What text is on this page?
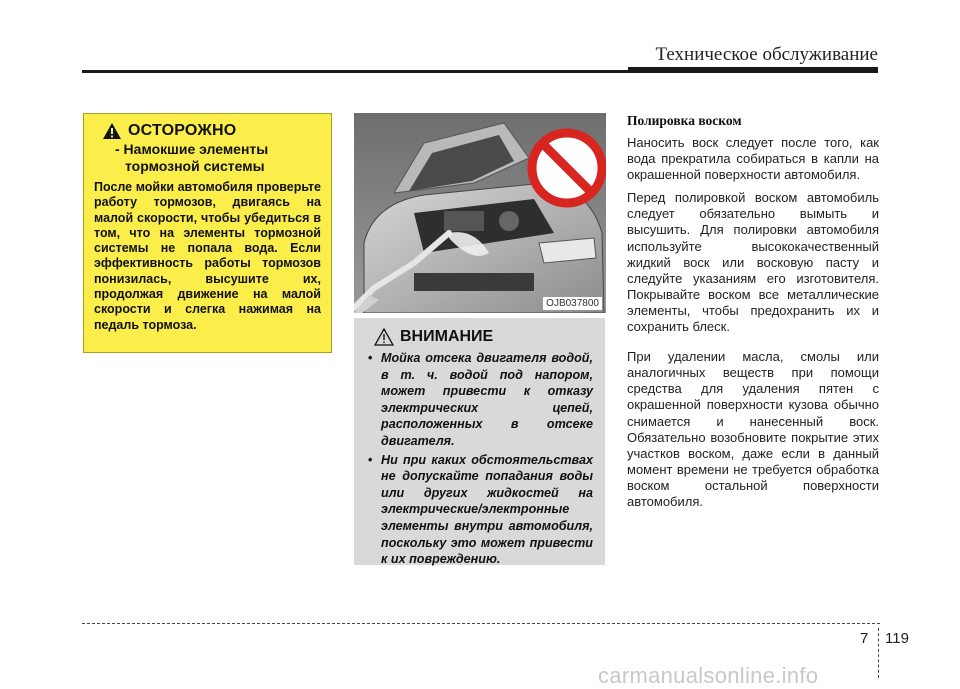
Техническое обслуживание
ОСТОРОЖНО
- Намокшие элементы тормозной системы
После мойки автомобиля проверьте работу тормозов, двигаясь на малой скорости, чтобы убедиться в том, что на элементы тормозной системы не попала вода. Если эффективность работы тормозов понизилась, высушите их, продолжая движение на малой скорости и слегка нажимая на педаль тормоза.
OJB037800
ВНИМАНИЕ
• Мойка отсека двигателя водой, в т. ч. водой под напором, может привести к отказу электрических цепей, расположенных в отсеке двигателя.
• Ни при каких обстоятельствах не допускайте попадания воды или других жидкостей на электрические/электронные элементы внутри автомобиля, поскольку это может привести к их повреждению.
Полировка воском

Наносить воск следует после того, как вода прекратила собираться в капли на окрашенной поверхности автомобиля.

Перед полировкой воском автомобиль следует обязательно вымыть и высушить. Для полировки автомобиля используйте высококачественный жидкий воск или восковую пасту и следуйте указаниям его изготовителя. Покрывайте воском все металлические элементы, чтобы предохранить их и сохранить блеск.

При удалении масла, смолы или аналогичных веществ при помощи средства для удаления пятен с окрашенной поверхности кузова обычно снимается и нанесенный воск. Обязательно возобновите покрытие этих участков воском, даже если в данный момент времени не требуется обработка воском остальной поверхности автомобиля.

7 119
carmanualsonline.info
